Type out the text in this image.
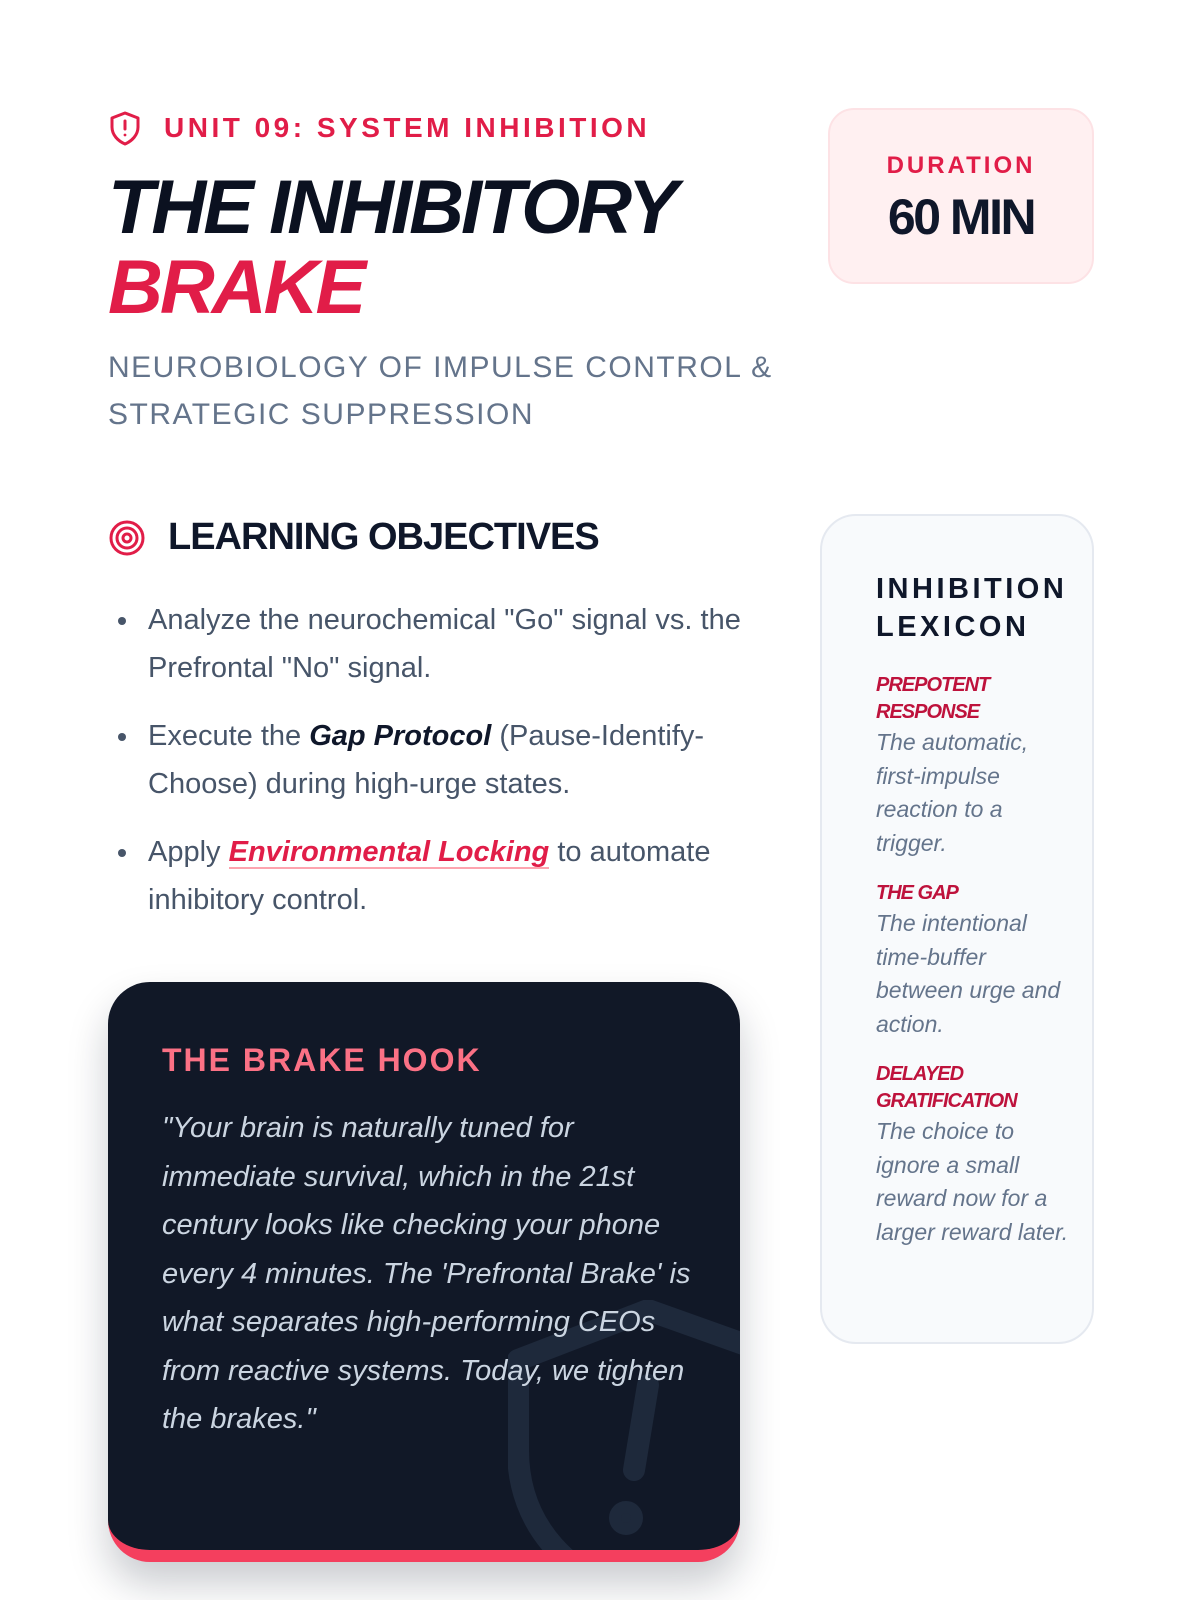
UNIT 09: SYSTEM INHIBITION
THE INHIBITORY
BRAKE
NEUROBIOLOGY OF IMPULSE CONTROL & STRATEGIC SUPPRESSION
DURATION
60 MIN
LEARNING OBJECTIVES
Analyze the neurochemical "Go" signal vs. the Prefrontal "No" signal.
Execute the Gap Protocol (Pause-Identify-Choose) during high-urge states.
Apply Environmental Locking to automate inhibitory control.
THE BRAKE HOOK

"Your brain is naturally tuned for immediate survival, which in the 21st century looks like checking your phone every 4 minutes. The 'Prefrontal Brake' is what separates high-performing CEOs from reactive systems. Today, we tighten the brakes."

INHIBITION LEXICON
PREPOTENT RESPONSE
The automatic, first-impulse reaction to a trigger.
THE GAP
The intentional time-buffer between urge and action.
DELAYED GRATIFICATION
The choice to ignore a small reward now for a larger reward later.
